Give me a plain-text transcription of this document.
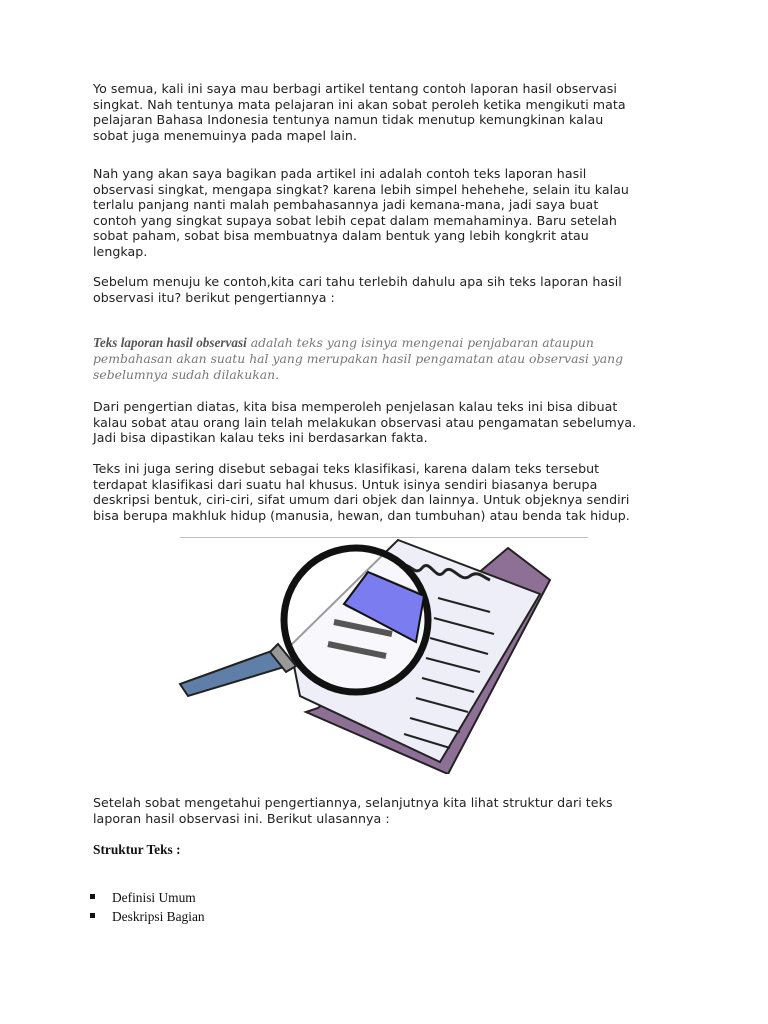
Yo semua, kali ini saya mau berbagi artikel tentang contoh laporan hasil observasi
singkat. Nah tentunya mata pelajaran ini akan sobat peroleh ketika mengikuti mata
pelajaran Bahasa Indonesia tentunya namun tidak menutup kemungkinan kalau
sobat juga menemuinya pada mapel lain.

Nah yang akan saya bagikan pada artikel ini adalah contoh teks laporan hasil
observasi singkat, mengapa singkat? karena lebih simpel hehehehe, selain itu kalau
terlalu panjang nanti malah pembahasannya jadi kemana-mana, jadi saya buat
contoh yang singkat supaya sobat lebih cepat dalam memahaminya. Baru setelah
sobat paham, sobat bisa membuatnya dalam bentuk yang lebih kongkrit atau
lengkap.

Sebelum menuju ke contoh,kita cari tahu terlebih dahulu apa sih teks laporan hasil
observasi itu? berikut pengertiannya :

Teks laporan hasil observasi adalah teks yang isinya mengenai penjabaran ataupun
pembahasan akan suatu hal yang merupakan hasil pengamatan atau observasi yang
sebelumnya sudah dilakukan.

Dari pengertian diatas, kita bisa memperoleh penjelasan kalau teks ini bisa dibuat
kalau sobat atau orang lain telah melakukan observasi atau pengamatan sebelumya.
Jadi bisa dipastikan kalau teks ini berdasarkan fakta.

Teks ini juga sering disebut sebagai teks klasifikasi, karena dalam teks tersebut
terdapat klasifikasi dari suatu hal khusus. Untuk isinya sendiri biasanya berupa
deskripsi bentuk, ciri-ciri, sifat umum dari objek dan lainnya. Untuk objeknya sendiri
bisa berupa makhluk hidup (manusia, hewan, dan tumbuhan) atau benda tak hidup.

Setelah sobat mengetahui pengertiannya, selanjutnya kita lihat struktur dari teks
laporan hasil observasi ini. Berikut ulasannya :

Struktur Teks :
Definisi Umum
Deskripsi Bagian
